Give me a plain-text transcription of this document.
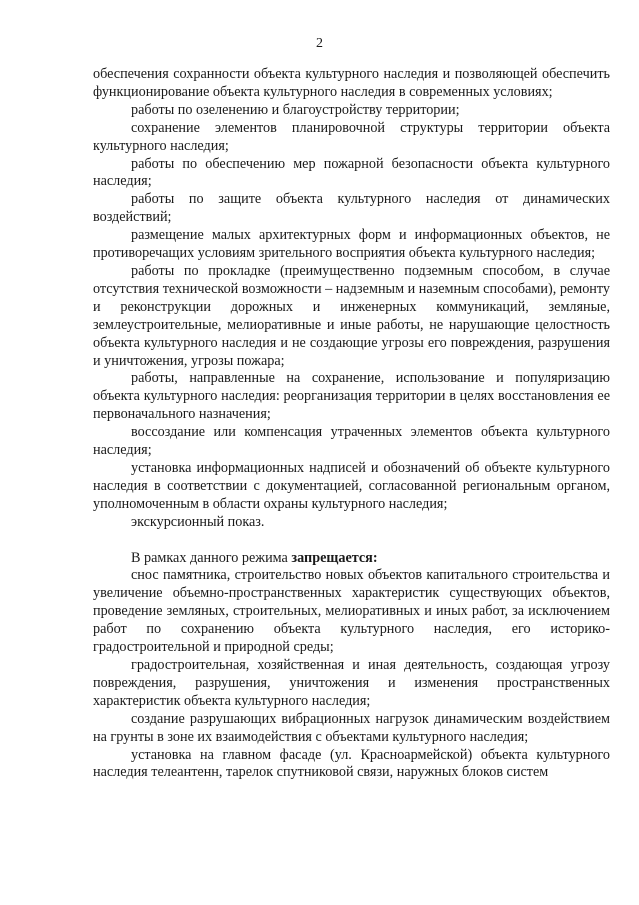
2

обеспечения сохранности объекта культурного наследия и позволяющей обеспечить функционирование объекта культурного наследия в современных условиях;

работы по озеленению и благоустройству территории;

сохранение элементов планировочной структуры территории объекта культурного наследия;

работы по обеспечению мер пожарной безопасности объекта культурного наследия;

работы по защите объекта культурного наследия от динамических воздействий;

размещение малых архитектурных форм и информационных объектов, не противоречащих условиям зрительного восприятия объекта культурного наследия;

работы по прокладке (преимущественно подземным способом, в случае отсутствия технической возможности – надземным и наземным способами), ремонту и реконструкции дорожных и инженерных коммуникаций, земляные, землеустроительные, мелиоративные и иные работы, не нарушающие целостность объекта культурного наследия и не создающие угрозы его повреждения, разрушения и уничтожения, угрозы пожара;

работы, направленные на сохранение, использование и популяризацию объекта культурного наследия: реорганизация территории в целях восстановления ее первоначального назначения;

воссоздание или компенсация утраченных элементов объекта культурного наследия;

установка информационных надписей и обозначений об объекте культурного наследия в соответствии с документацией, согласованной региональным органом, уполномоченным в области охраны культурного наследия;

экскурсионный показ.

В рамках данного режима запрещается:

снос памятника, строительство новых объектов капитального строительства и увеличение объемно-пространственных характеристик существующих объектов, проведение земляных, строительных, мелиоративных и иных работ, за исключением работ по сохранению объекта культурного наследия, его историко-градостроительной и природной среды;

градостроительная, хозяйственная и иная деятельность, создающая угрозу повреждения, разрушения, уничтожения и изменения пространственных характеристик объекта культурного наследия;

создание разрушающих вибрационных нагрузок динамическим воздействием на грунты в зоне их взаимодействия с объектами культурного наследия;

установка на главном фасаде (ул. Красноармейской) объекта культурного наследия телеантенн, тарелок спутниковой связи, наружных блоков систем
